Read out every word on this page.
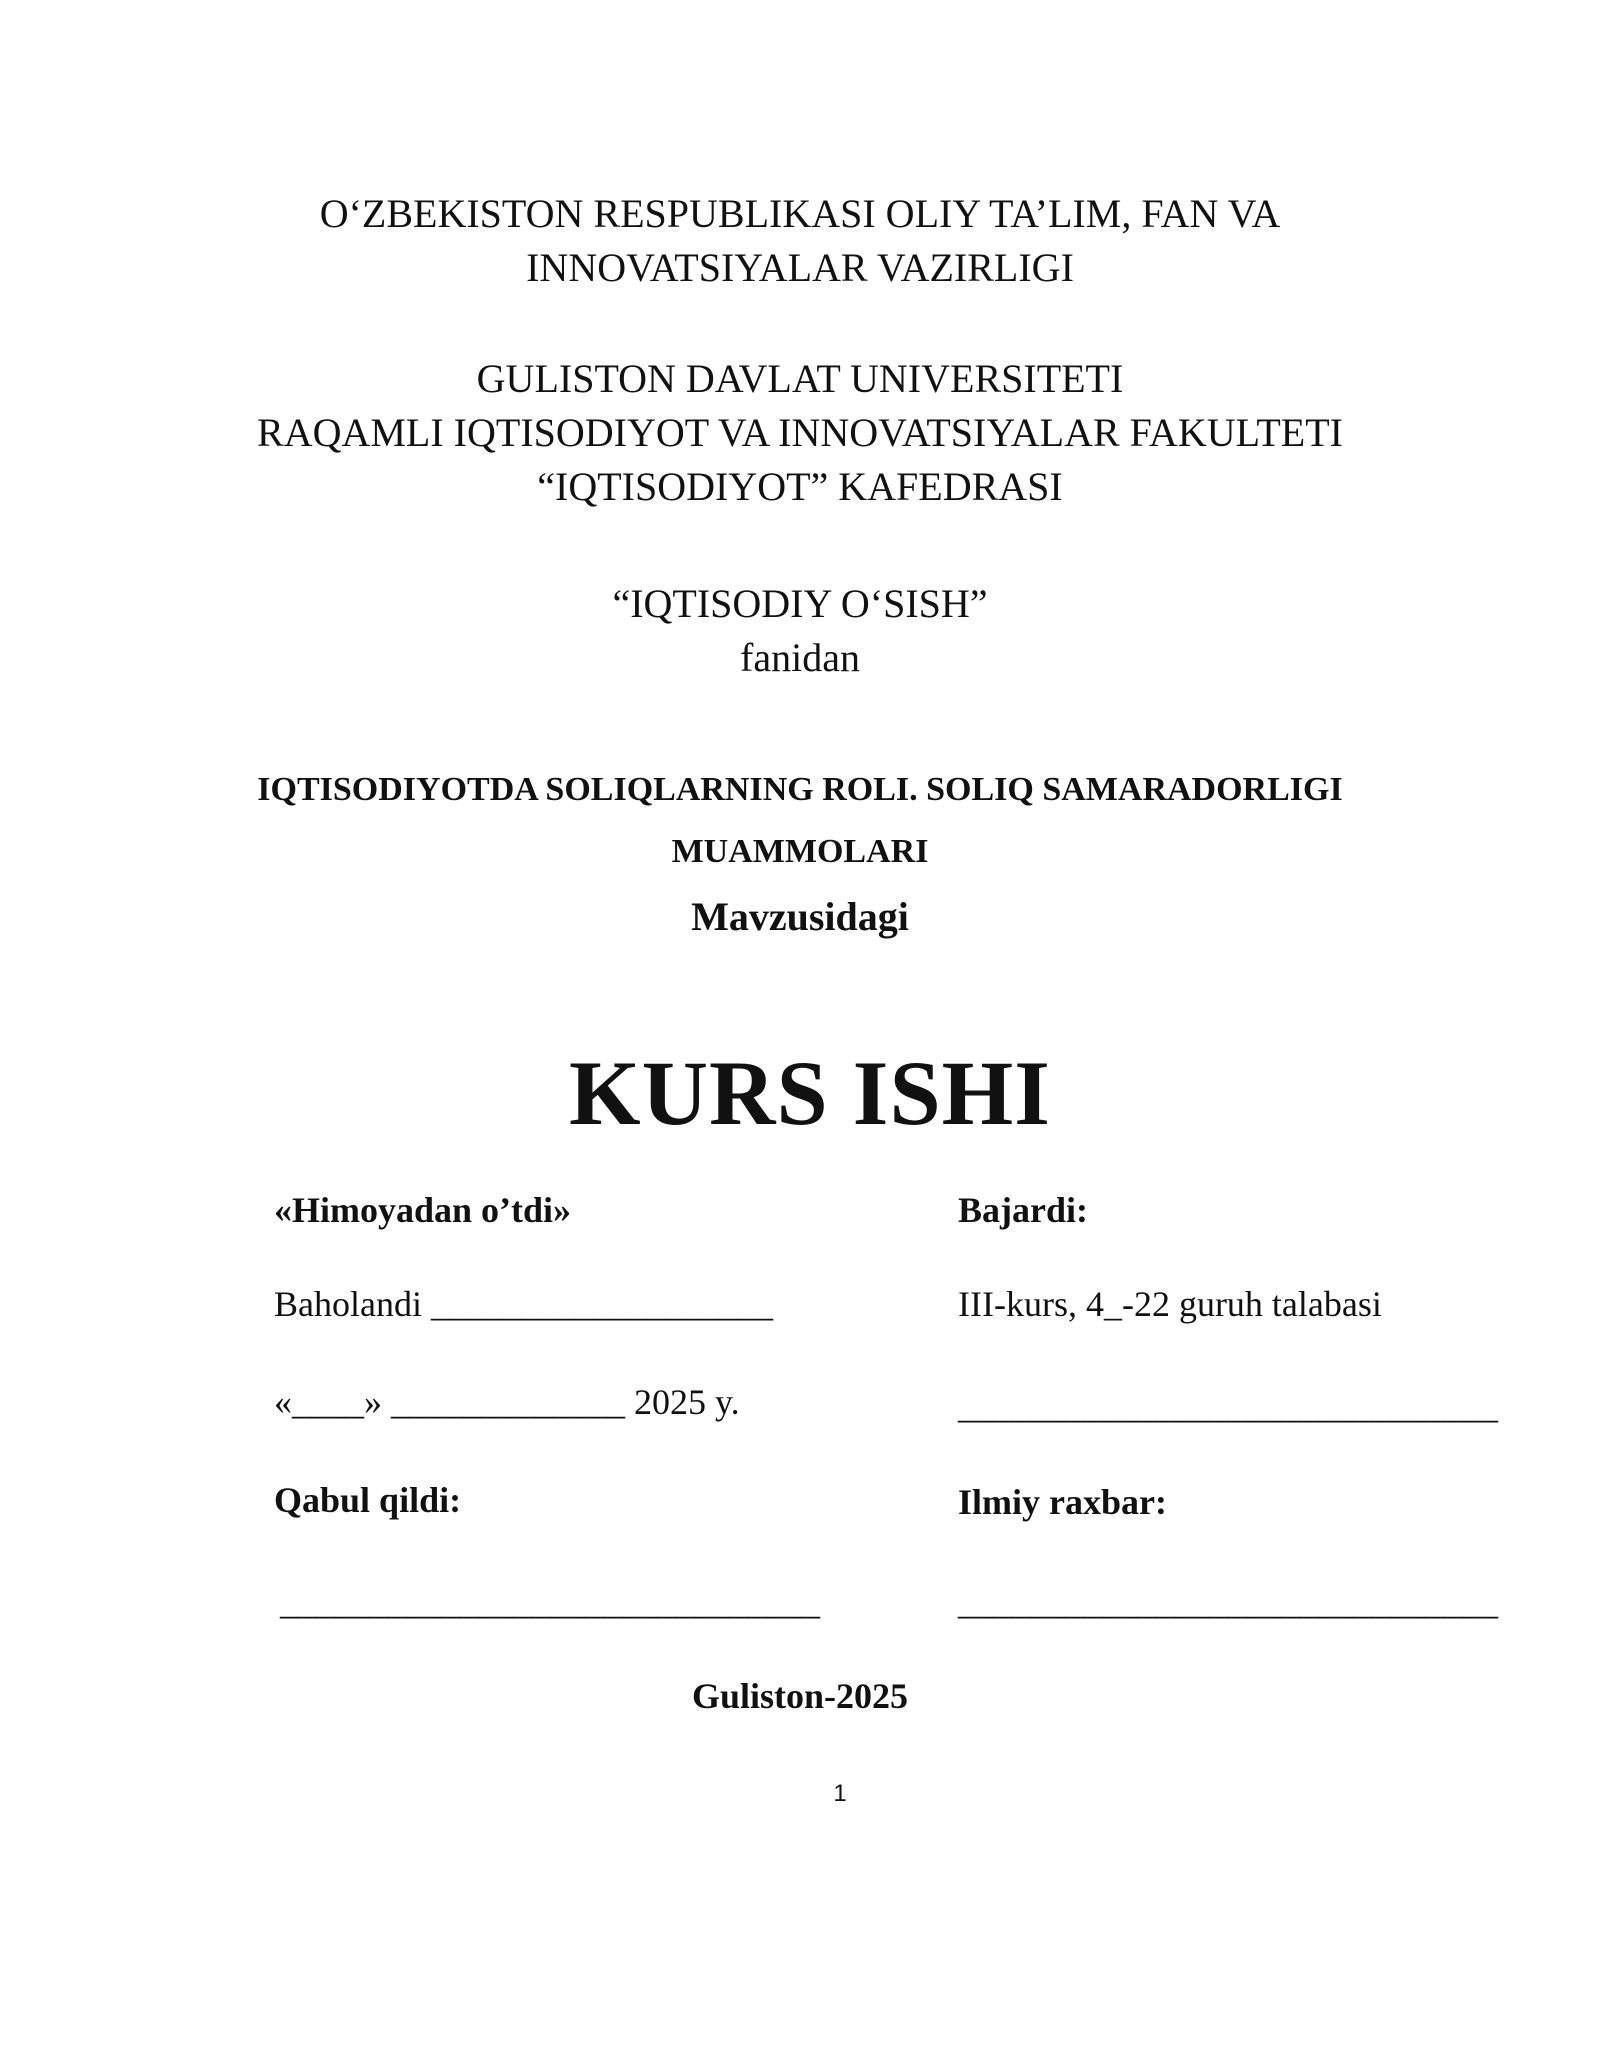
O‘ZBEKISTON RESPUBLIKASI OLIY TA’LIM, FAN VA
INNOVATSIYALAR VAZIRLIGI
GULISTON DAVLAT UNIVERSITETI
RAQAMLI IQTISODIYOT VA INNOVATSIYALAR FAKULTETI
“IQTISODIYOT” KAFEDRASI
“IQTISODIY O‘SISH”
fanidan
IQTISODIYOTDA SOLIQLARNING ROLI. SOLIQ SAMARADORLIGI
MUAMMOLARI
Mavzusidagi
KURS ISHI
«Himoyadan o’tdi»
Baholandi ___________________
«____» _____________ 2025 y.
Qabul qildi:
______________________________
Bajardi:
III-kurs, 4_-22 guruh talabasi
______________________________
Ilmiy raxbar:
______________________________
Guliston-2025
1
